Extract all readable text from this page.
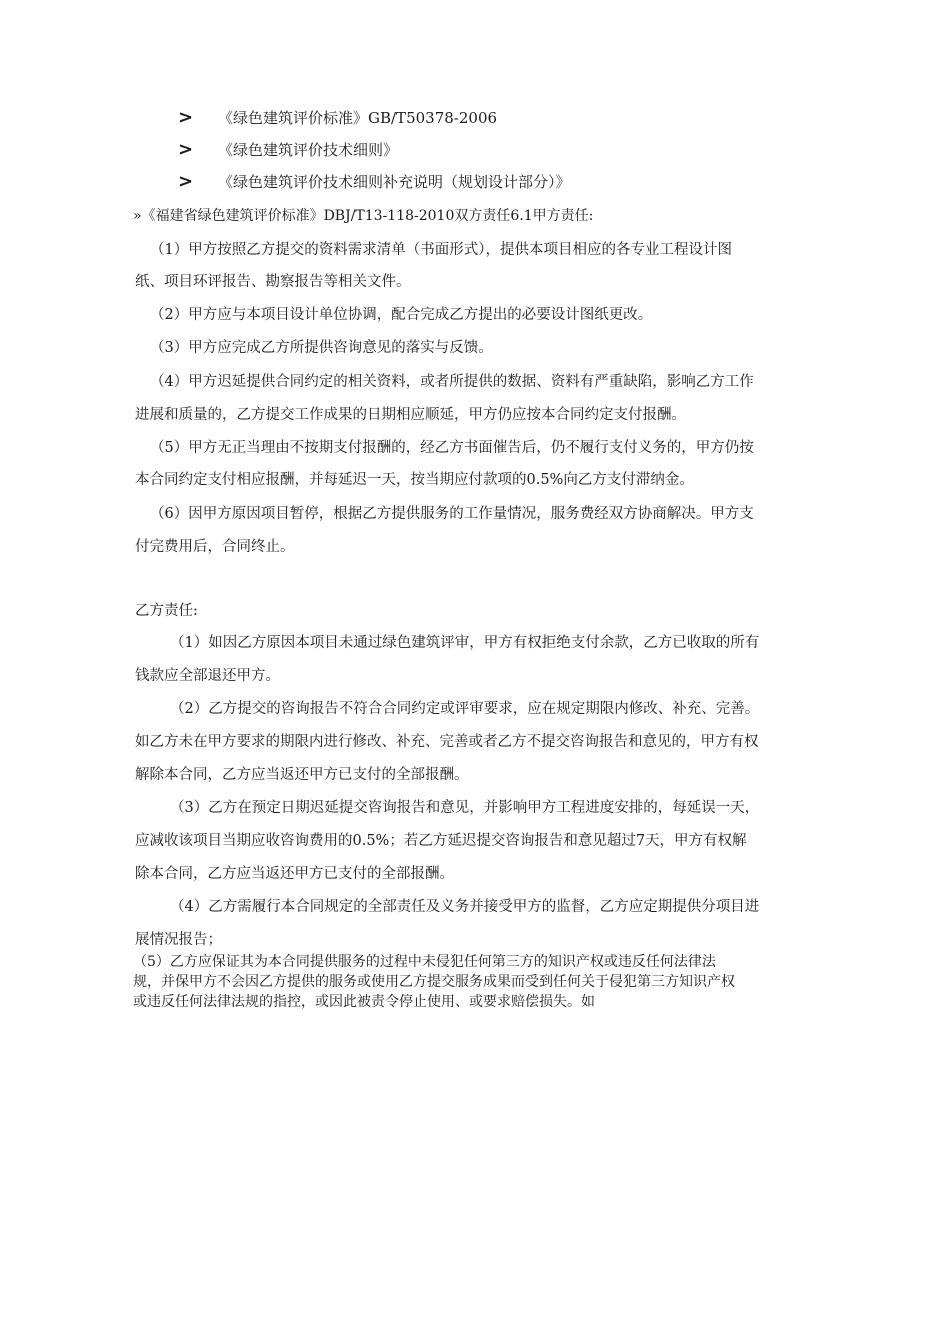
>	《绿色建筑评价标准》GB/T50378-2006
>	《绿色建筑评价技术细则》
>	《绿色建筑评价技术细则补充说明（规划设计部分）》
»《福建省绿色建筑评价标准》DBJ/T13-118-2010双方责任6.1甲方责任:
（1）甲方按照乙方提交的资料需求清单（书面形式），提供本项目相应的各专业工程设计图
纸、项目环评报告、勘察报告等相关文件。
（2）甲方应与本项目设计单位协调，配合完成乙方提出的必要设计图纸更改。
（3）甲方应完成乙方所提供咨询意见的落实与反馈。
（4）甲方迟延提供合同约定的相关资料，或者所提供的数据、资料有严重缺陷，影响乙方工作
进展和质量的，乙方提交工作成果的日期相应顺延，甲方仍应按本合同约定支付报酬。
（5）甲方无正当理由不按期支付报酬的，经乙方书面催告后，仍不履行支付义务的，甲方仍按
本合同约定支付相应报酬，并每延迟一天，按当期应付款项的0.5%向乙方支付滞纳金。
（6）因甲方原因项目暂停，根据乙方提供服务的工作量情况，服务费经双方协商解决。甲方支
付完费用后，合同终止。
乙方责任:
（1）如因乙方原因本项目未通过绿色建筑评审，甲方有权拒绝支付余款，乙方已收取的所有
钱款应全部退还甲方。
（2）乙方提交的咨询报告不符合合同约定或评审要求，应在规定期限内修改、补充、完善。
如乙方未在甲方要求的期限内进行修改、补充、完善或者乙方不提交咨询报告和意见的，甲方有权
解除本合同，乙方应当返还甲方已支付的全部报酬。
（3）乙方在预定日期迟延提交咨询报告和意见，并影响甲方工程进度安排的，每延误一天，
应减收该项目当期应收咨询费用的0.5%；若乙方延迟提交咨询报告和意见超过7天，甲方有权解
除本合同，乙方应当返还甲方已支付的全部报酬。
（4）乙方需履行本合同规定的全部责任及义务并接受甲方的监督，乙方应定期提供分项目进
展情况报告；
（5）乙方应保证其为本合同提供服务的过程中未侵犯任何第三方的知识产权或违反任何法律法
规，并保甲方不会因乙方提供的服务或使用乙方提交服务成果而受到任何关于侵犯第三方知识产权
或违反任何法律法规的指控，或因此被责令停止使用、或要求赔偿损失。如
